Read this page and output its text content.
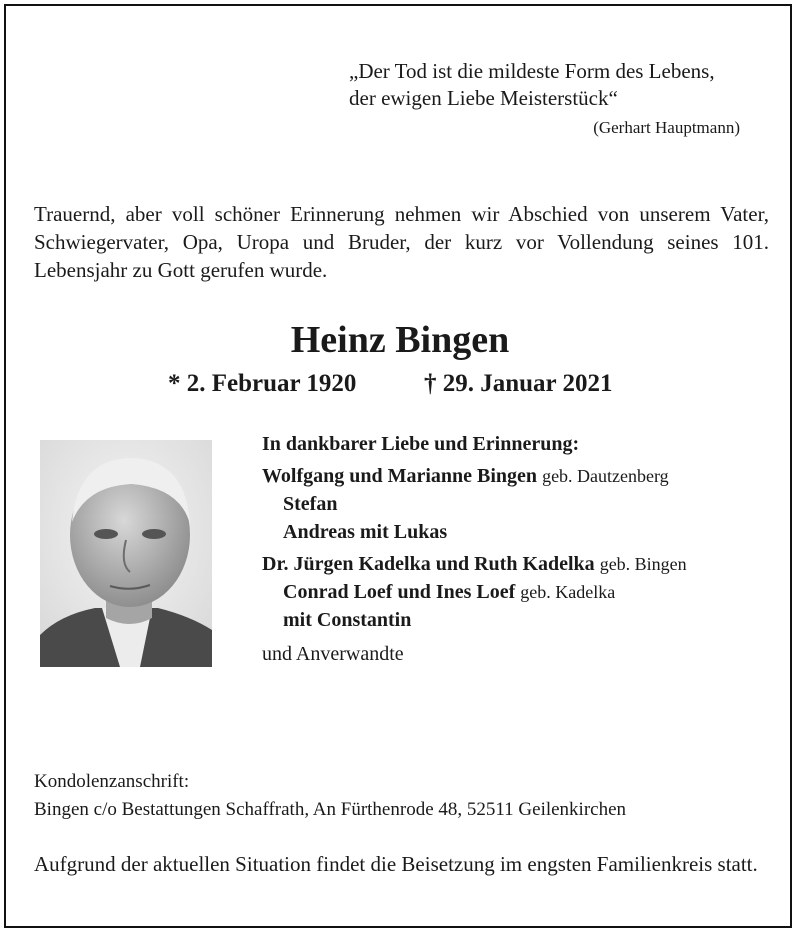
„Der Tod ist die mildeste Form des Lebens,
der ewigen Liebe Meisterstück“
(Gerhart Hauptmann)
Trauernd, aber voll schöner Erinnerung nehmen wir Abschied von unserem Vater, Schwiegervater, Opa, Uropa und Bruder, der kurz vor Vollendung seines 101. Lebensjahr zu Gott gerufen wurde.
Heinz Bingen
* 2. Februar 1920	† 29. Januar 2021
In dankbarer Liebe und Erinnerung:
Wolfgang und Marianne Bingen geb. Dautzenberg
Stefan
Andreas mit Lukas
Dr. Jürgen Kadelka und Ruth Kadelka geb. Bingen
Conrad Loef und Ines Loef geb. Kadelka
mit Constantin
und Anverwandte
Kondolenzanschrift:
Bingen c/o Bestattungen Schaffrath, An Fürthenrode 48, 52511 Geilenkirchen
Aufgrund der aktuellen Situation findet die Beisetzung im engsten Familienkreis statt.
